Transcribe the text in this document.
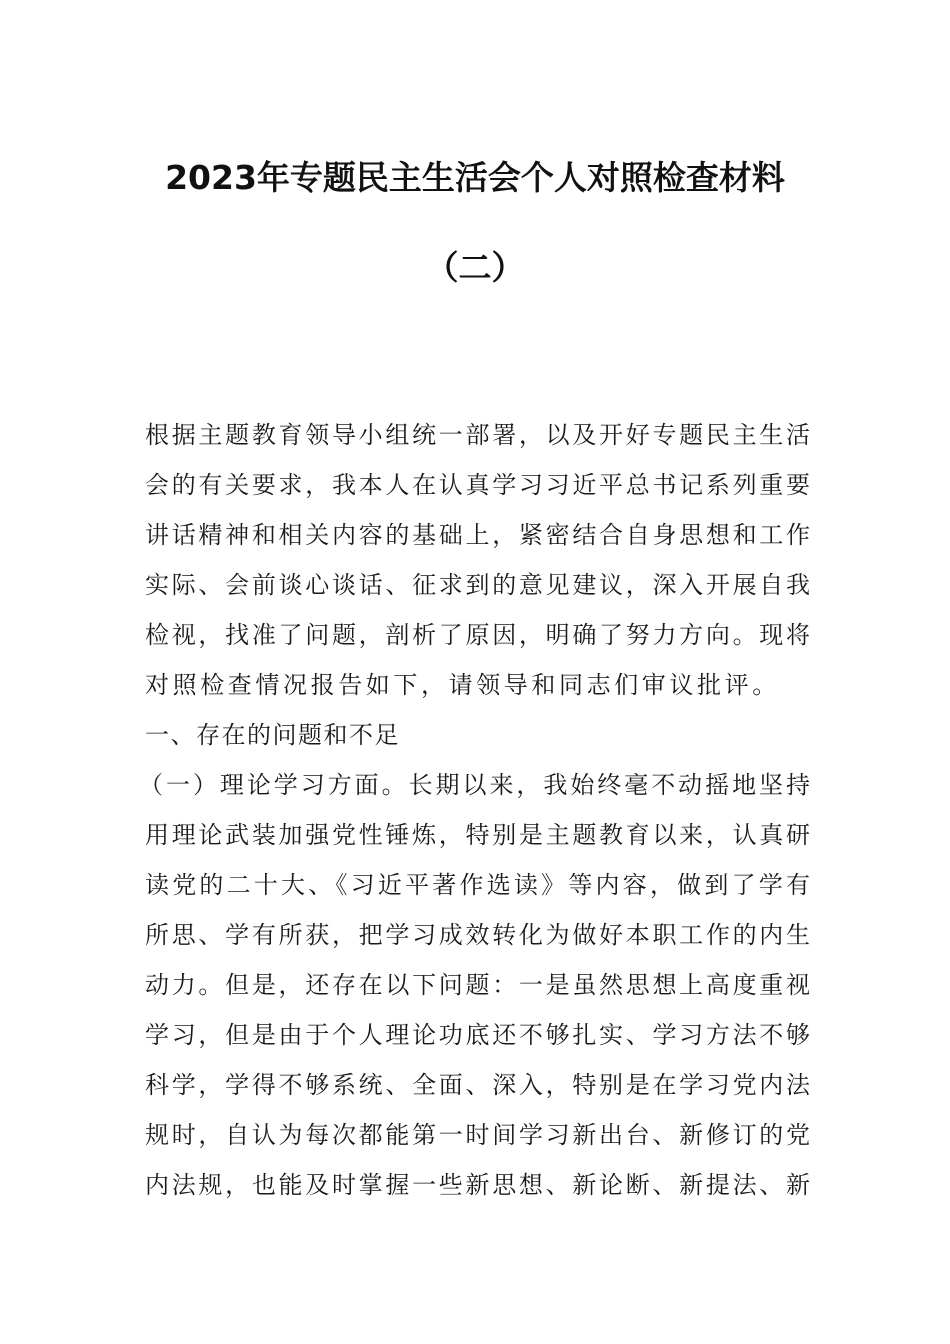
2023年专题民主生活会个人对照检查材料
（二）
根据主题教育领导小组统一部署，以及开好专题民主生活
会的有关要求，我本人在认真学习习近平总书记系列重要
讲话精神和相关内容的基础上，紧密结合自身思想和工作
实际、会前谈心谈话、征求到的意见建议，深入开展自我
检视，找准了问题，剖析了原因，明确了努力方向。现将
对照检查情况报告如下，请领导和同志们审议批评。
一、存在的问题和不足
（一）理论学习方面。长期以来，我始终毫不动摇地坚持
用理论武装加强党性锤炼，特别是主题教育以来，认真研
读党的二十大、《习近平著作选读》等内容，做到了学有
所思、学有所获，把学习成效转化为做好本职工作的内生
动力。但是，还存在以下问题：一是虽然思想上高度重视
学习，但是由于个人理论功底还不够扎实、学习方法不够
科学，学得不够系统、全面、深入，特别是在学习党内法
规时，自认为每次都能第一时间学习新出台、新修订的党
内法规，也能及时掌握一些新思想、新论断、新提法、新
